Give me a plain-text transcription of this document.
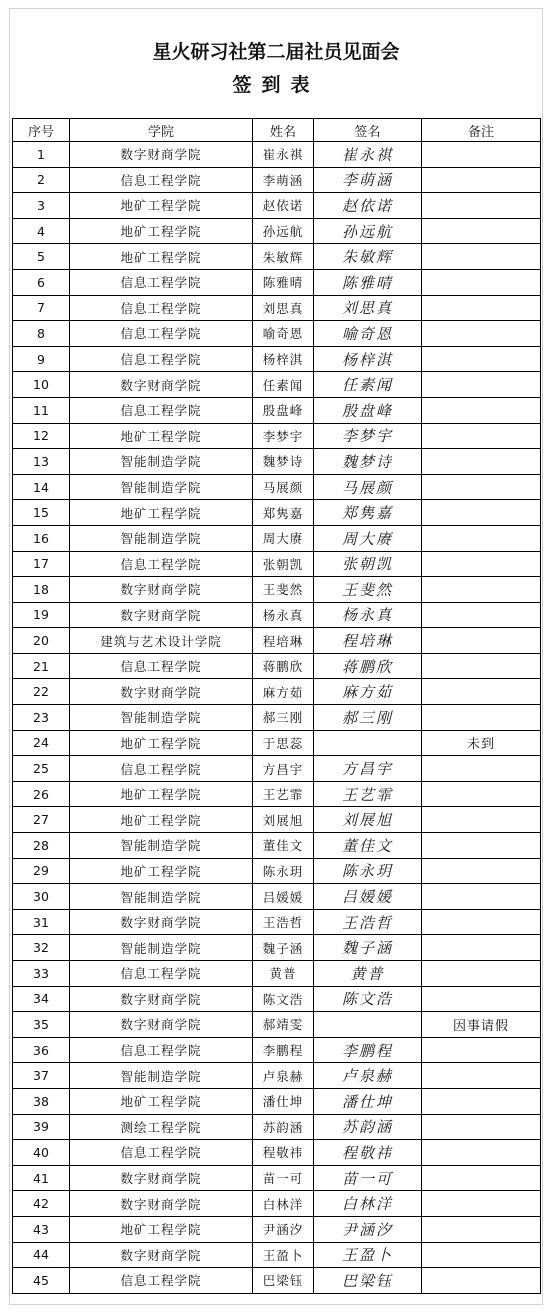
星火研习社第二届社员见面会
签到表
序号	学院	姓名	签名	备注
1	数字财商学院	崔永祺	崔永祺	
2	信息工程学院	李萌涵	李萌涵	
3	地矿工程学院	赵依诺	赵依诺	
4	地矿工程学院	孙远航	孙远航	
5	地矿工程学院	朱敏辉	朱敏辉	
6	信息工程学院	陈雅晴	陈雅晴	
7	信息工程学院	刘思真	刘思真	
8	信息工程学院	喻奇恩	喻奇恩	
9	信息工程学院	杨梓淇	杨梓淇	
10	数字财商学院	任素闻	任素闻	
11	信息工程学院	殷盘峰	殷盘峰	
12	地矿工程学院	李梦宇	李梦宇	
13	智能制造学院	魏梦诗	魏梦诗	
14	智能制造学院	马展颜	马展颜	
15	地矿工程学院	郑隽嘉	郑隽嘉	
16	智能制造学院	周大赓	周大赓	
17	信息工程学院	张朝凯	张朝凯	
18	数字财商学院	王斐然	王斐然	
19	数字财商学院	杨永真	杨永真	
20	建筑与艺术设计学院	程培琳	程培琳	
21	信息工程学院	蒋鹏欣	蒋鹏欣	
22	数字财商学院	麻方茹	麻方茹	
23	智能制造学院	郝三刚	郝三刚	
24	地矿工程学院	于思蕊		未到
25	信息工程学院	方昌宇	方昌宇	
26	地矿工程学院	王艺霏	王艺霏	
27	地矿工程学院	刘展旭	刘展旭	
28	智能制造学院	董佳文	董佳文	
29	地矿工程学院	陈永玥	陈永玥	
30	智能制造学院	吕媛媛	吕媛媛	
31	数字财商学院	王浩哲	王浩哲	
32	智能制造学院	魏子涵	魏子涵	
33	信息工程学院	黄普	黄普	
34	数字财商学院	陈文浩	陈文浩	
35	数字财商学院	郝靖雯		因事请假
36	信息工程学院	李鹏程	李鹏程	
37	智能制造学院	卢泉赫	卢泉赫	
38	地矿工程学院	潘仕坤	潘仕坤	
39	测绘工程学院	苏韵涵	苏韵涵	
40	信息工程学院	程敬祎	程敬祎	
41	数字财商学院	苗一可	苗一可	
42	数字财商学院	白林洋	白林洋	
43	地矿工程学院	尹涵汐	尹涵汐	
44	数字财商学院	王盈卜	王盈卜	
45	信息工程学院	巴梁钰	巴梁钰	
